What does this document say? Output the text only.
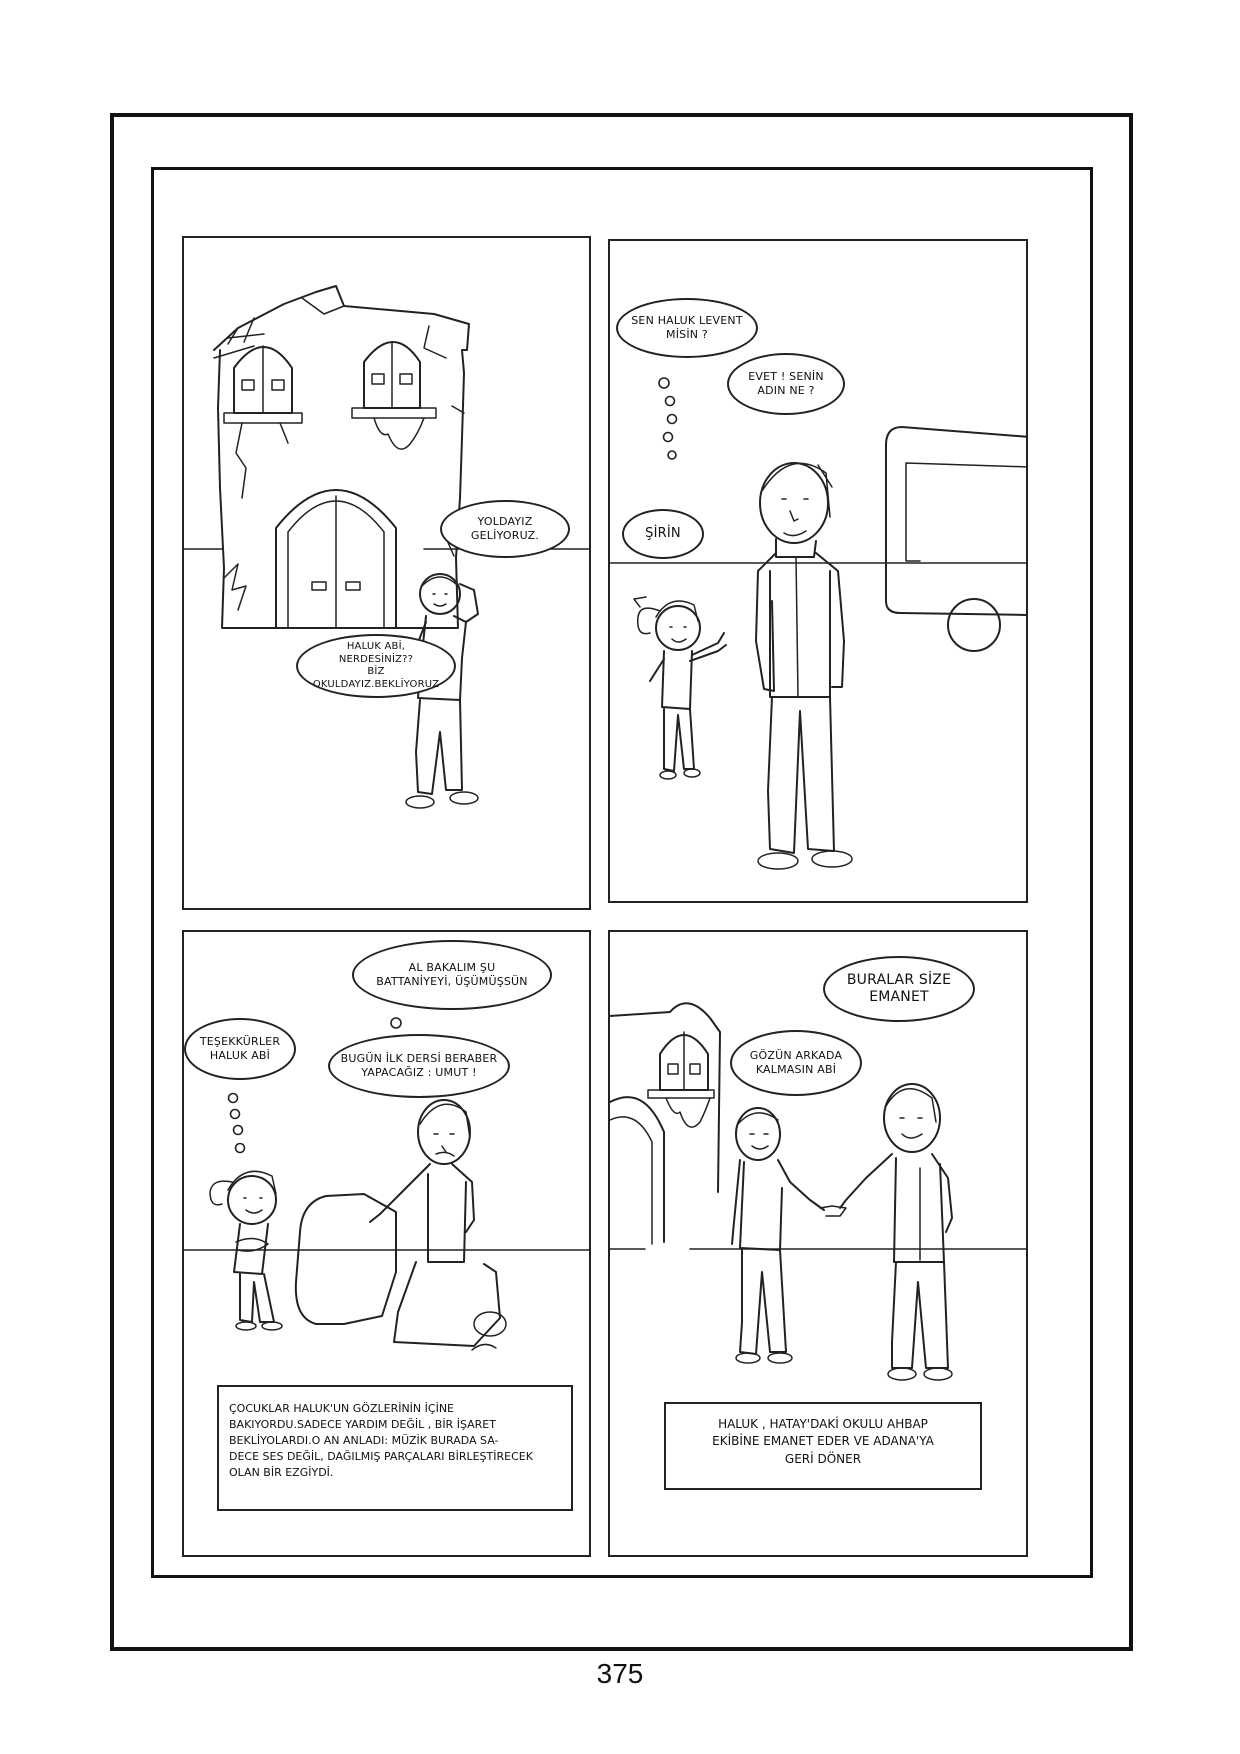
YOLDAYIZ
GELİYORUZ.
HALUK ABİ, NERDESİNİZ??
BİZ OKULDAYIZ.BEKLİYORUZ
SEN HALUK LEVENT
MİSİN ?
EVET ! SENİN
ADIN NE ?
ŞİRİN
AL BAKALIM ŞU
BATTANİYEYİ, ÜŞÜMÜŞSÜN
TEŞEKKÜRLER
HALUK ABİ	BUGÜN İLK DERSİ BERABER
YAPACAĞIZ : UMUT !
ÇOCUKLAR HALUK'UN GÖZLERİNİN İÇİNE
BAKIYORDU.SADECE YARDIM DEĞİL , BİR İŞARET
BEKLİYOLARDI.O AN ANLADI: MÜZİK BURADA SA-
DECE SES DEĞİL, DAĞILMIŞ PARÇALARI BİRLEŞTİRECEK
OLAN BİR EZGİYDİ.
BURALAR SİZE
EMANET
GÖZÜN ARKADA
KALMASIN ABİ
HALUK , HATAY'DAKİ OKULU AHBAP
EKİBİNE EMANET EDER VE ADANA'YA
GERİ DÖNER
375
